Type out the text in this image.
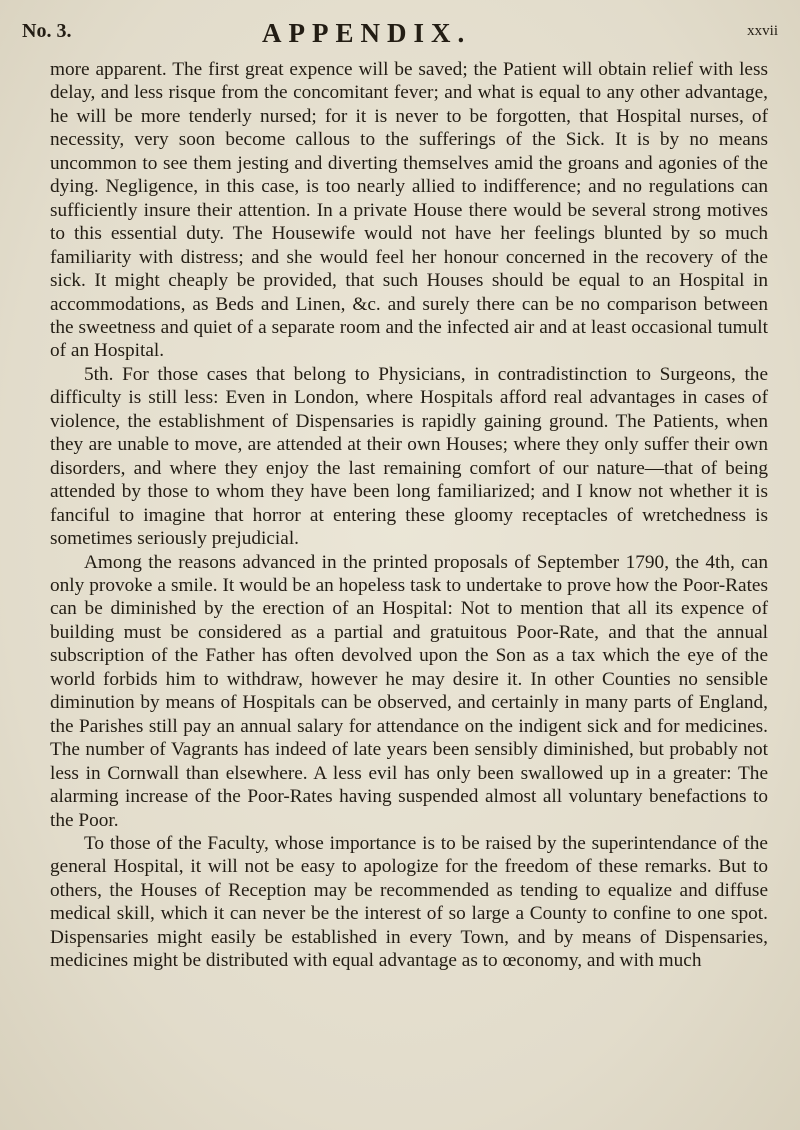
No. 3.	APPENDIX.	xxvii

more apparent. The first great expence will be saved; the Patient will obtain relief with less delay, and less risque from the concomitant fever; and what is equal to any other advantage, he will be more tenderly nursed; for it is never to be forgotten, that Hospital nurses, of necessity, very soon become callous to the sufferings of the Sick. It is by no means uncommon to see them jesting and diverting themselves amid the groans and agonies of the dying. Negligence, in this case, is too nearly allied to indifference; and no regulations can sufficiently insure their attention. In a private House there would be several strong motives to this essential duty. The Housewife would not have her feelings blunted by so much familiarity with distress; and she would feel her honour concerned in the recovery of the sick. It might cheaply be provided, that such Houses should be equal to an Hospital in accommodations, as Beds and Linen, &c. and surely there can be no comparison between the sweetness and quiet of a separate room and the infected air and at least occasional tumult of an Hospital.

5th. For those cases that belong to Physicians, in contradistinction to Surgeons, the difficulty is still less: Even in London, where Hospitals afford real advantages in cases of violence, the establishment of Dispensaries is rapidly gaining ground. The Patients, when they are unable to move, are attended at their own Houses; where they only suffer their own disorders, and where they enjoy the last remaining comfort of our nature—that of being attended by those to whom they have been long familiarized; and I know not whether it is fanciful to imagine that horror at entering these gloomy receptacles of wretchedness is sometimes seriously prejudicial.

Among the reasons advanced in the printed proposals of September 1790, the 4th, can only provoke a smile. It would be an hopeless task to undertake to prove how the Poor-Rates can be diminished by the erection of an Hospital: Not to mention that all its expence of building must be considered as a partial and gratuitous Poor-Rate, and that the annual subscription of the Father has often devolved upon the Son as a tax which the eye of the world forbids him to withdraw, however he may desire it. In other Counties no sensible diminution by means of Hospitals can be observed, and certainly in many parts of England, the Parishes still pay an annual salary for attendance on the indigent sick and for medicines. The number of Vagrants has indeed of late years been sensibly diminished, but probably not less in Cornwall than elsewhere. A less evil has only been swallowed up in a greater: The alarming increase of the Poor-Rates having suspended almost all voluntary benefactions to the Poor.

To those of the Faculty, whose importance is to be raised by the superintendance of the general Hospital, it will not be easy to apologize for the freedom of these remarks. But to others, the Houses of Reception may be recommended as tending to equalize and diffuse medical skill, which it can never be the interest of so large a County to confine to one spot. Dispensaries might easily be established in every Town, and by means of Dispensaries, medicines might be distributed with equal advantage as to œconomy, and with much
